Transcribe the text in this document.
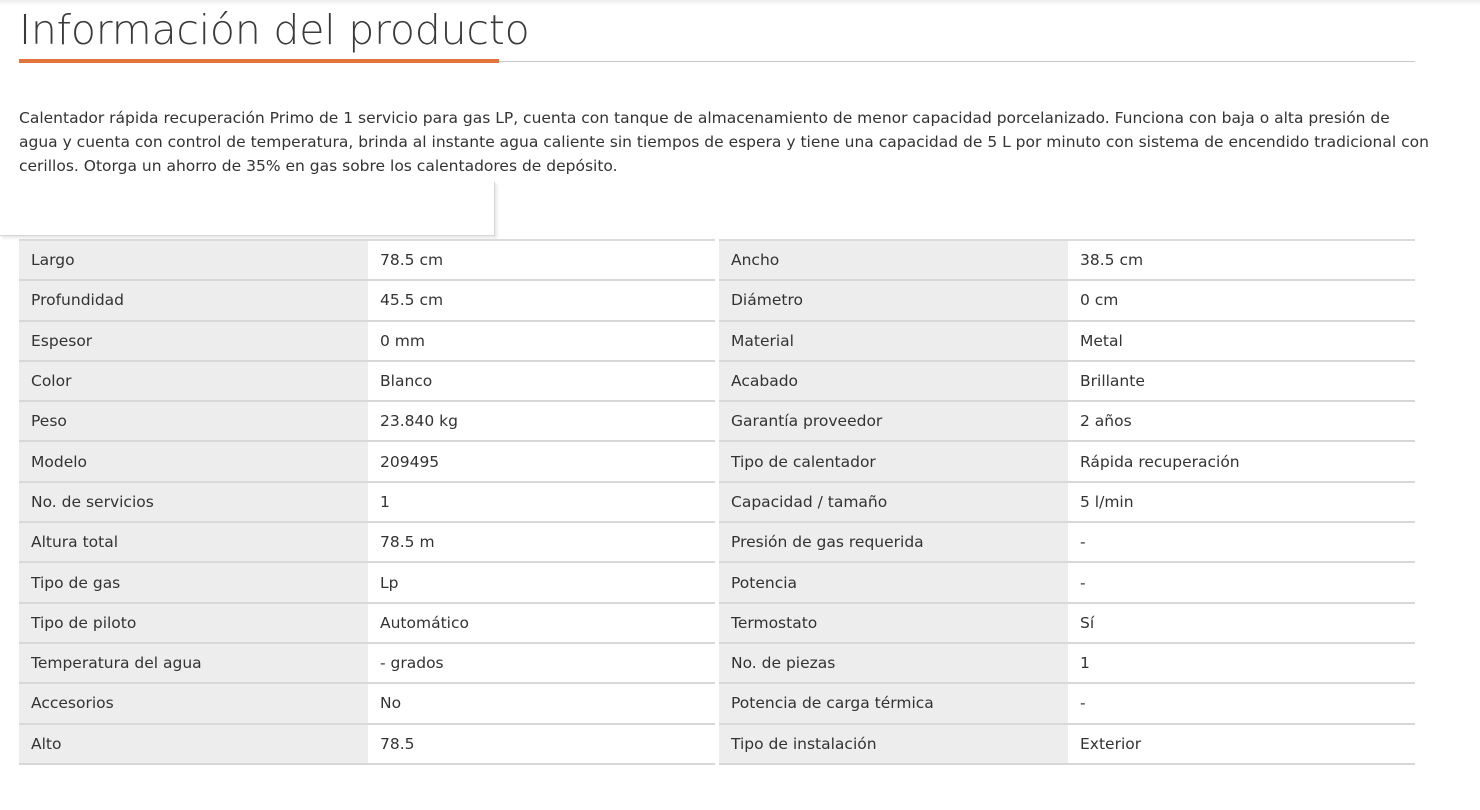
Información del producto

Calentador rápida recuperación Primo de 1 servicio para gas LP, cuenta con tanque de almacenamiento de menor capacidad porcelanizado. Funciona con baja o alta presión de agua y cuenta con control de temperatura, brinda al instante agua caliente sin tiempos de espera y tiene una capacidad de 5 L por minuto con sistema de encendido tradicional con cerillos. Otorga un ahorro de 35% en gas sobre los calentadores de depósito.

Largo	78.5 cm
Profundidad	45.5 cm
Espesor	0 mm
Color	Blanco
Peso	23.840 kg
Modelo	209495
No. de servicios	1
Altura total	78.5 m
Tipo de gas	Lp
Tipo de piloto	Automático
Temperatura del agua	- grados
Accesorios	No
Alto	78.5
Ancho	38.5 cm
Diámetro	0 cm
Material	Metal
Acabado	Brillante
Garantía proveedor	2 años
Tipo de calentador	Rápida recuperación
Capacidad / tamaño	5 l/min
Presión de gas requerida	-
Potencia	-
Termostato	Sí
No. de piezas	1
Potencia de carga térmica	-
Tipo de instalación	Exterior
